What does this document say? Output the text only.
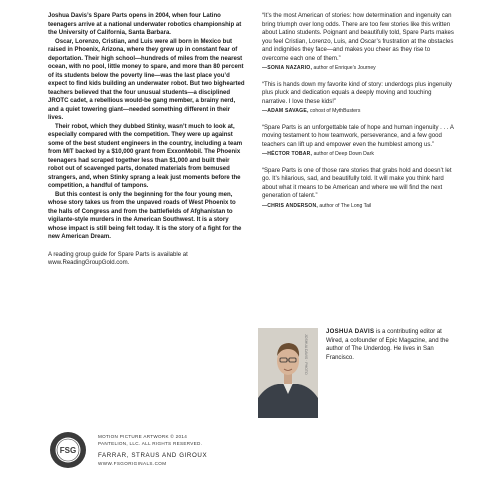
Joshua Davis’s Spare Parts opens in 2004, when four Latino teenagers arrive at a national underwater robotics championship at the University of California, Santa Barbara.

Oscar, Lorenzo, Cristian, and Luis were all born in Mexico but raised in Phoenix, Arizona, where they grew up in constant fear of deportation. Their high school—hundreds of miles from the nearest ocean, with no pool, little money to spare, and more than 80 percent of its students below the poverty line—was the last place you’d expect to find kids building an underwater robot. But two bighearted teachers believed that the four unusual students—a disciplined JROTC cadet, a rebellious would-be gang member, a brainy nerd, and a quiet towering giant—needed something different in their lives.

Their robot, which they dubbed Stinky, wasn’t much to look at, especially compared with the competition. They were up against some of the best student engineers in the country, including a team from MIT backed by a $10,000 grant from ExxonMobil. The Phoenix teenagers had scraped together less than $1,000 and built their robot out of scavenged parts, donated materials from bemused strangers, and, when Stinky sprang a leak just moments before the competition, a handful of tampons.

But this contest is only the beginning for the four young men, whose story takes us from the unpaved roads of West Phoenix to the halls of Congress and from the battlefields of Afghanistan to vigilante-style murders in the American Southwest. It is a story whose impact is still being felt today. It is the story of a fight for the new American Dream.

A reading group guide for Spare Parts is available at www.ReadingGroupGold.com.

“It’s the most American of stories: how determination and ingenuity can bring triumph over long odds. There are too few stories like this written about Latino students. Poignant and beautifully told, Spare Parts makes you feel Cristian, Lorenzo, Luis, and Oscar’s frustration at the obstacles and indignities they face—and makes you cheer as they rise to overcome each one of them.”
—SONIA NAZARIO, author of Enrique’s Journey
“This is hands down my favorite kind of story: underdogs plus ingenuity plus pluck and dedication equals a deeply moving and touching narrative. I love these kids!”
—ADAM SAVAGE, cohost of MythBusters
“Spare Parts is an unforgettable tale of hope and human ingenuity . . . A moving testament to how teamwork, perseverance, and a few good teachers can lift up and empower even the humblest among us.”
—HÉCTOR TOBAR, author of Deep Down Dark
“Spare Parts is one of those rare stories that grabs hold and doesn’t let go. It’s hilarious, sad, and beautifully told. It will make you think hard about what it means to be American and where we will find the next generation of talent.”
—CHRIS ANDERSON, author of The Long Tail
JOSHUA DAVIS · PHOTO
JOSHUA DAVIS is a contributing editor at Wired, a cofounder of Epic Magazine, and the author of The Underdog. He lives in San Francisco.
FSG
MOTION PICTURE ARTWORK © 2014
PANTELION, LLC. ALL RIGHTS RESERVED.
FARRAR, STRAUS AND GIROUX
WWW.FSGORIGINALS.COM
